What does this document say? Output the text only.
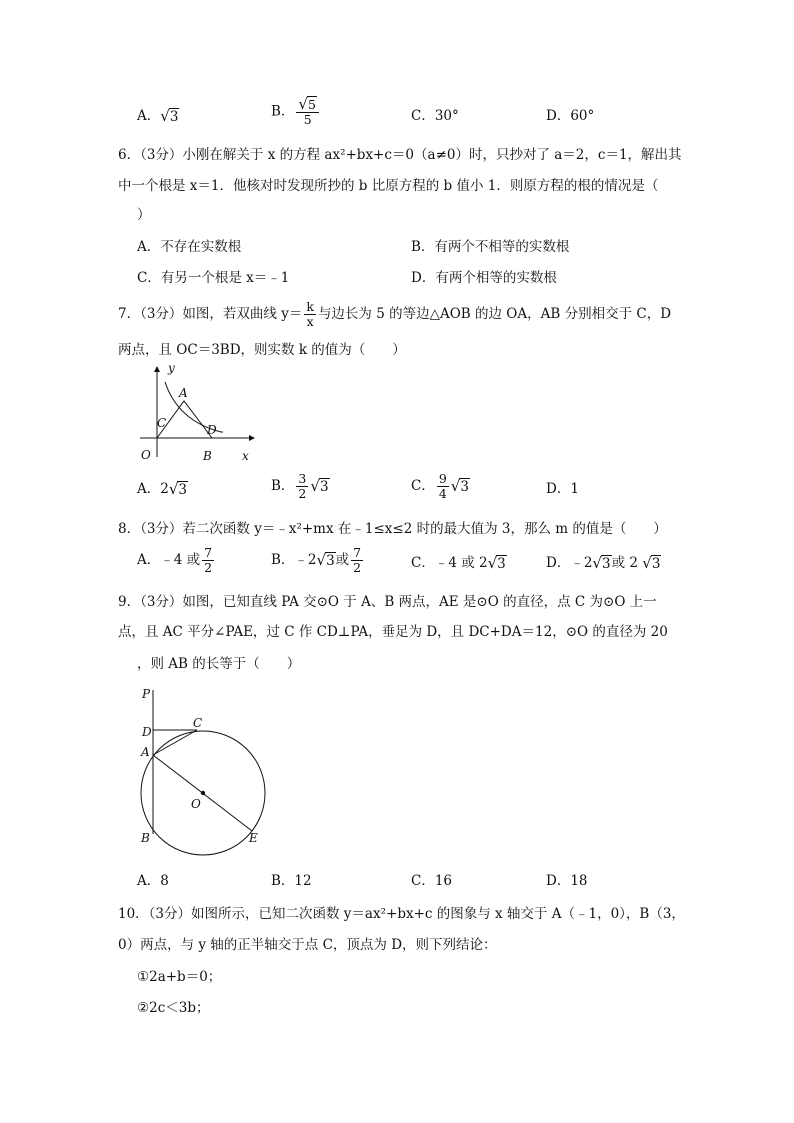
A．√3	B． $\frac{√5}{5}$	C．30°	D．60°
6．（3分）小刚在解关于 x 的方程 ax²+bx+c＝0（a≠0）时，只抄对了 a＝2，c＝1，解出其
中一个根是 x＝1．他核对时发现所抄的 b 比原方程的 b 值小 1．则原方程的根的情况是（
）
A．不存在实数根	B．有两个不相等的实数根
C．有另一个根是 x＝﹣1	D．有两个相等的实数根
7．（3分）如图，若双曲线 $y= \frac{k}{x}$ 与边长为 5 的等边△AOB 的边 OA，AB 分别相交于 C，D
两点，且 OC＝3BD，则实数 k 的值为（　　）
y
x
A
C	D
O	B
A．2√3	B． $\frac{3}{2} √3$	C． $\frac{9}{4} √3$	D．1
8．（3分）若二次函数 y＝﹣x²+mx 在﹣1≤x≤2 时的最大值为 3，那么 m 的值是（　　）
A．﹣4 或 $\frac{7}{2}$	B．﹣2√3或 $\frac{7}{2}$	C．﹣4 或 2√3	D．﹣2√3或 2 √3
9．（3分）如图，已知直线 PA 交⊙O 于 A、B 两点，AE 是⊙O 的直径，点 C 为⊙O 上一
点，且 AC 平分∠PAE，过 C 作 CD⊥PA，垂足为 D，且 DC+DA＝12，⊙O 的直径为 20
，则 AB 的长等于（　　）
P
D
C
A
O
B	E
A．8	B．12	C．16	D．18
10．（3分）如图所示，已知二次函数 y＝ax²+bx+c 的图象与 x 轴交于 A（﹣1，0），B（3，
0）两点，与 y 轴的正半轴交于点 C，顶点为 D，则下列结论：
①2a+b＝0；
②2c＜3b；
